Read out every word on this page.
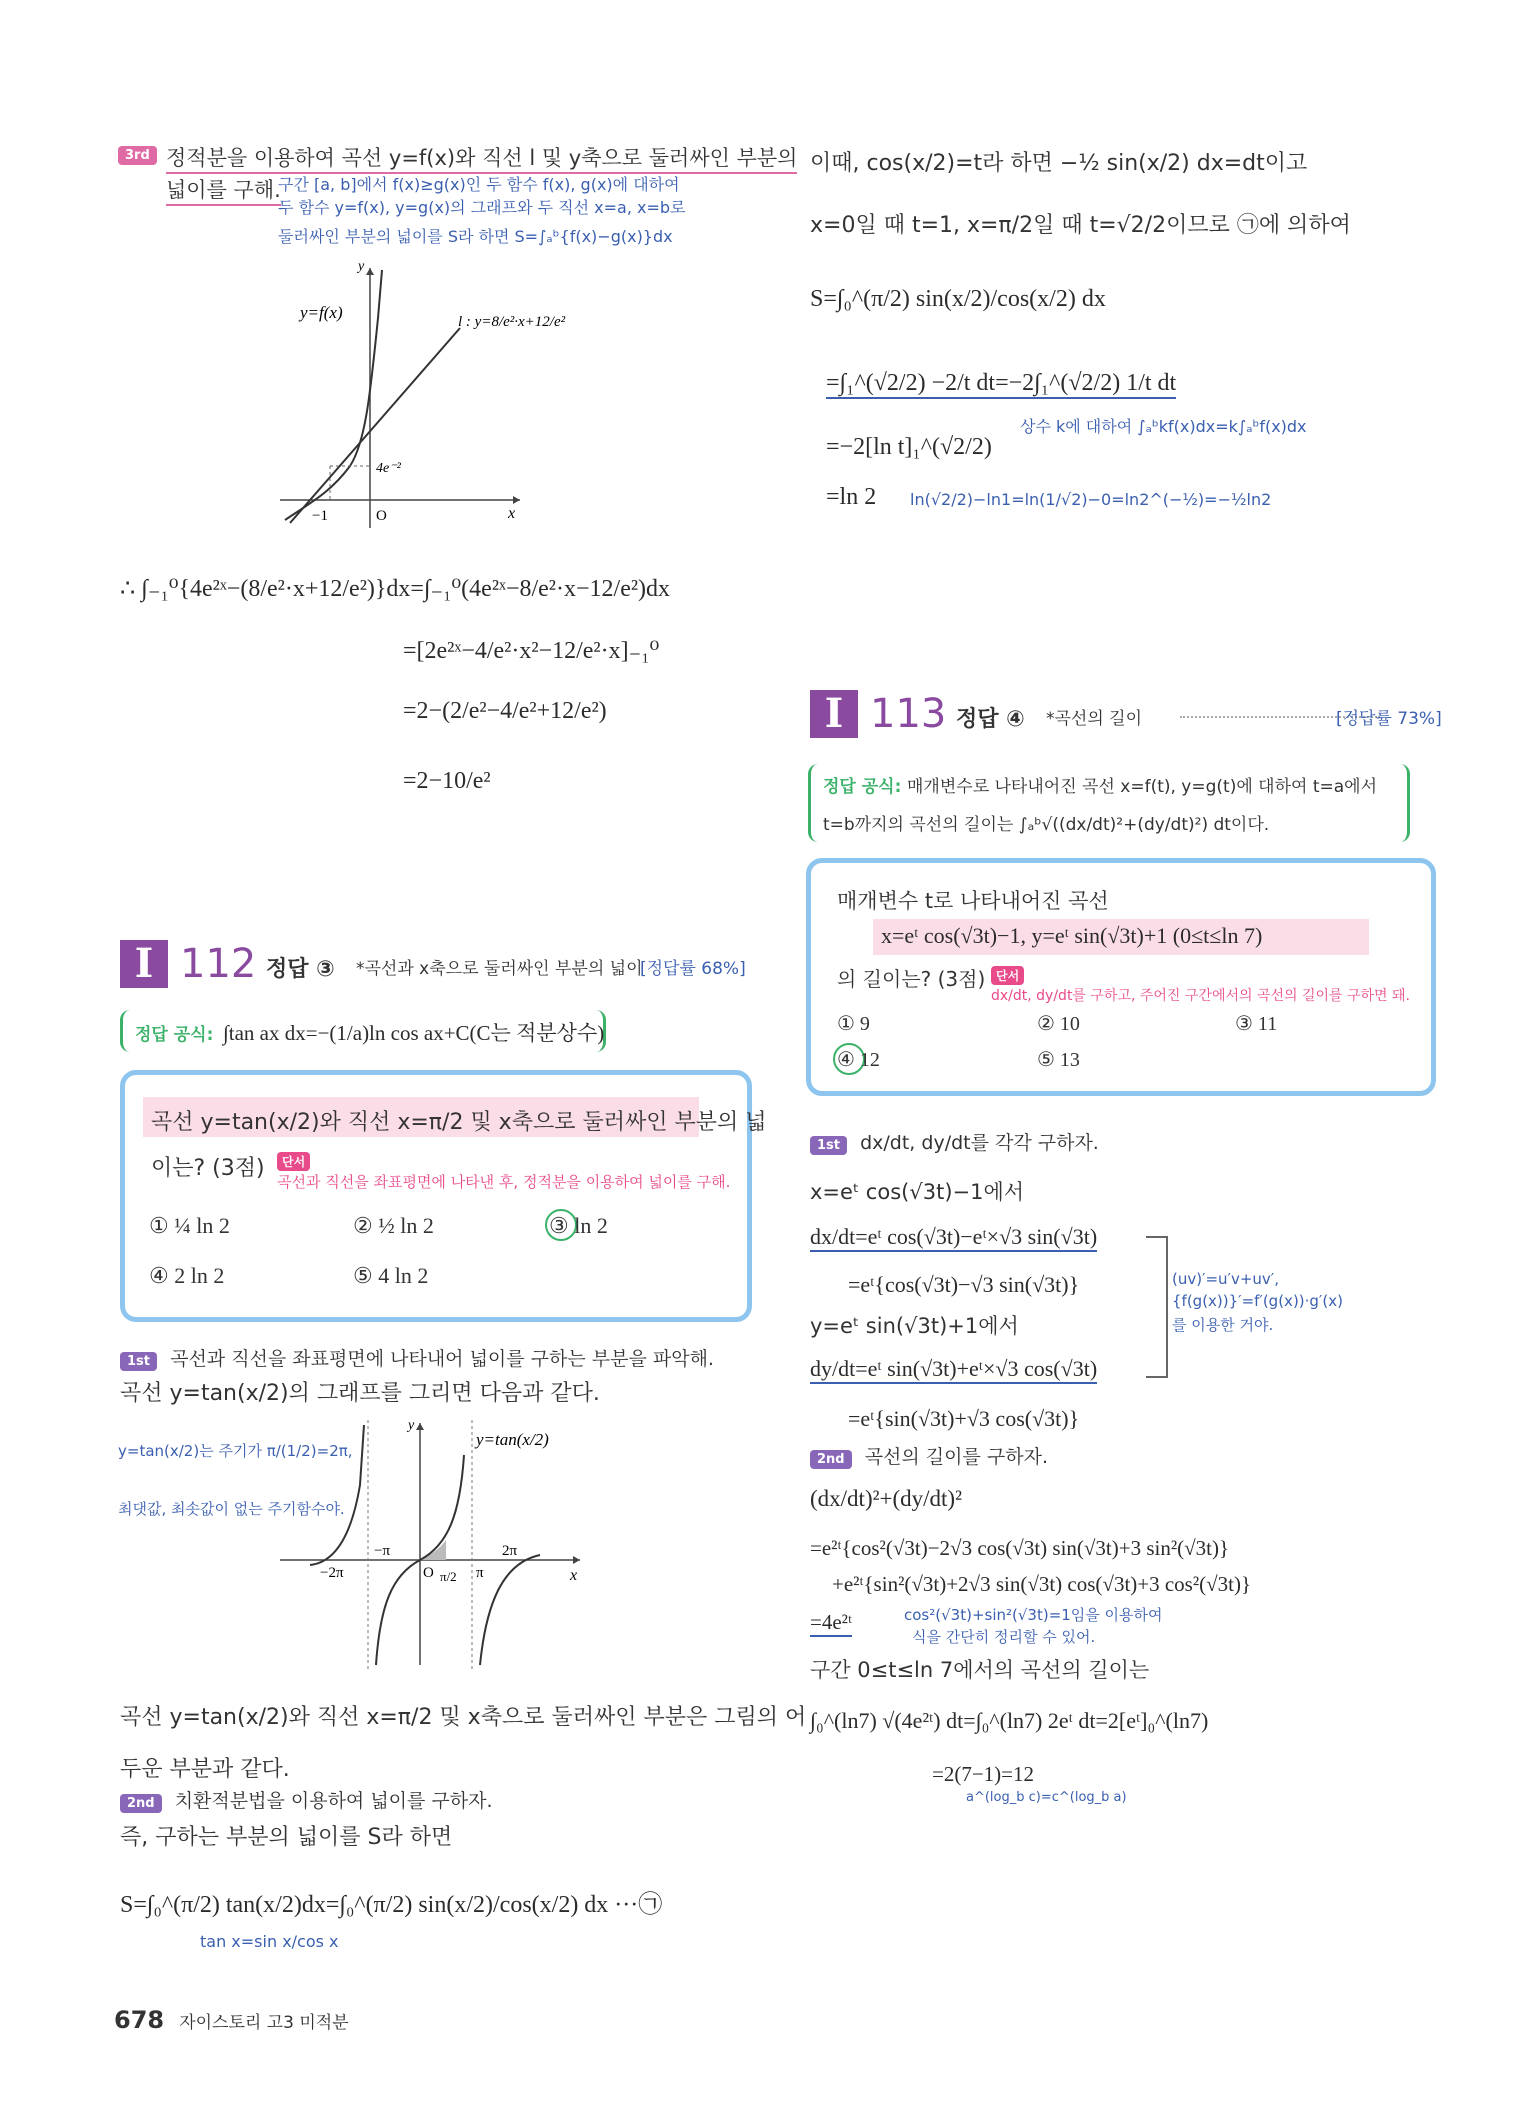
3rd 정적분을 이용하여 곡선 y=f(x)와 직선 l 및 y축으로 둘러싸인 부분의
넓이를 구해.
구간 [a, b]에서 f(x)≥g(x)인 두 함수 f(x), g(x)에 대하여
두 함수 y=f(x), y=g(x)의 그래프와 두 직선 x=a, x=b로
둘러싸인 부분의 넓이를 S라 하면 S=∫ₐᵇ{f(x)−g(x)}dx
y
x
y=f(x)	l : y=8/e²·x+12/e²
4e⁻²
−1	O
∴ ∫₋₁⁰{4e²ˣ−(8/e²·x+12/e²)}dx=∫₋₁⁰(4e²ˣ−8/e²·x−12/e²)dx
=[2e²ˣ−4/e²·x²−12/e²·x]₋₁⁰
=2−(2/e²−4/e²+12/e²)
=2−10/e²
I 112 정답 ③ *곡선과 x축으로 둘러싸인 부분의 넓이
[정답률 68%]
정답 공식: ∫tan ax dx=−(1/a)ln cos ax+C(C는 적분상수)
곡선 y=tan(x/2)와 직선 x=π/2 및 x축으로 둘러싸인 부분의 넓
이는? (3점)	단서 곡선과 직선을 좌표평면에 나타낸 후, 정적분을 이용하여 넓이를 구해.
① ¼ ln 2	② ½ ln 2	③ ln 2
④ 2 ln 2	⑤ 4 ln 2
1st 곡선과 직선을 좌표평면에 나타내어 넓이를 구하는 부분을 파악해.
곡선 y=tan(x/2)의 그래프를 그리면 다음과 같다.
y=tan(x/2)는 주기가 π/(1/2)=2π,
최댓값, 최솟값이 없는 주기함수야.
y
x
y=tan(x/2)
−2π
−π
O π/2 π
2π
곡선 y=tan(x/2)와 직선 x=π/2 및 x축으로 둘러싸인 부분은 그림의 어
두운 부분과 같다.
2nd 치환적분법을 이용하여 넓이를 구하자.
즉, 구하는 부분의 넓이를 S라 하면
S=∫₀^(π/2) tan(x/2)dx=∫₀^(π/2) sin(x/2)/cos(x/2) dx ···㉠
tan x=sin x/cos x
678 자이스토리 고3 미적분
이때, cos(x/2)=t라 하면 −½ sin(x/2) dx=dt이고
x=0일 때 t=1, x=π/2일 때 t=√2/2이므로 ㉠에 의하여
S=∫₀^(π/2) sin(x/2)/cos(x/2) dx
=∫₁^(√2/2) −2/t dt=−2∫₁^(√2/2) 1/t dt
상수 k에 대하여 ∫ₐᵇkf(x)dx=k∫ₐᵇf(x)dx
=−2[ln t]₁^(√2/2)
=ln 2 ln(√2/2)−ln1=ln(1/√2)−0=ln2^(−½)=−½ln2
I 113 정답 ④ *곡선의 길이	[정답률 73%]
정답 공식: 매개변수로 나타내어진 곡선 x=f(t), y=g(t)에 대하여 t=a에서
t=b까지의 곡선의 길이는 ∫ₐᵇ√((dx/dt)²+(dy/dt)²) dt이다.
매개변수 t로 나타내어진 곡선
x=eᵗ cos(√3t)−1, y=eᵗ sin(√3t)+1 (0≤t≤ln 7)
의 길이는? (3점) 단서 dx/dt, dy/dt를 구하고, 주어진 구간에서의 곡선의 길이를 구하면 돼.
① 9	② 10	③ 11
④ 12	⑤ 13
1st dx/dt, dy/dt를 각각 구하자.
x=eᵗ cos(√3t)−1에서
dx/dt=eᵗ cos(√3t)−eᵗ×√3 sin(√3t)
=eᵗ{cos(√3t)−√3 sin(√3t)}
y=eᵗ sin(√3t)+1에서
dy/dt=eᵗ sin(√3t)+eᵗ×√3 cos(√3t)
=eᵗ{sin(√3t)+√3 cos(√3t)}
(uv)′=u′v+uv′,
{f(g(x))}′=f′(g(x))·g′(x)
를 이용한 거야.
2nd 곡선의 길이를 구하자.
(dx/dt)²+(dy/dt)²
=e²ᵗ{cos²(√3t)−2√3 cos(√3t) sin(√3t)+3 sin²(√3t)}
+e²ᵗ{sin²(√3t)+2√3 sin(√3t) cos(√3t)+3 cos²(√3t)}
=4e²ᵗ	cos²(√3t)+sin²(√3t)=1임을 이용하여
식을 간단히 정리할 수 있어.
구간 0≤t≤ln 7에서의 곡선의 길이는
∫₀^(ln7) √(4e²ᵗ) dt=∫₀^(ln7) 2eᵗ dt=2[eᵗ]₀^(ln7)
=2(7−1)=12
a^(log_b c)=c^(log_b a)
